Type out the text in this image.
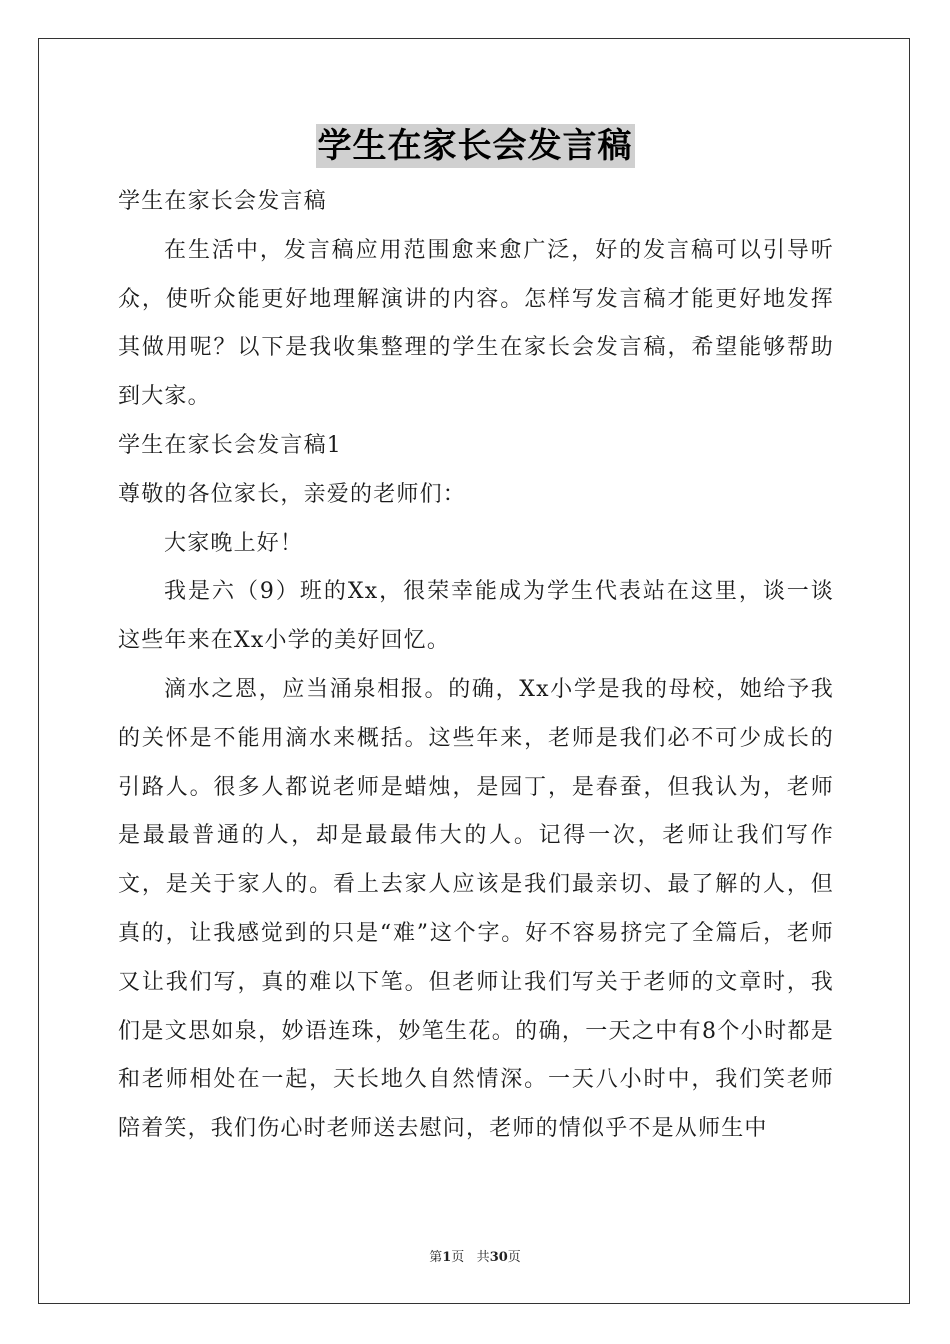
学生在家长会发言稿

学生在家长会发言稿

在生活中，发言稿应用范围愈来愈广泛，好的发言稿可以引导听众，使听众能更好地理解演讲的内容。怎样写发言稿才能更好地发挥其做用呢？以下是我收集整理的学生在家长会发言稿，希望能够帮助到大家。

学生在家长会发言稿1

尊敬的各位家长，亲爱的老师们：

大家晚上好！

我是六（9）班的Xx，很荣幸能成为学生代表站在这里，谈一谈这些年来在Xx小学的美好回忆。

滴水之恩，应当涌泉相报。的确，Xx小学是我的母校，她给予我的关怀是不能用滴水来概括。这些年来，老师是我们必不可少成长的引路人。很多人都说老师是蜡烛，是园丁，是春蚕，但我认为，老师是最最普通的人，却是最最伟大的人。记得一次，老师让我们写作文，是关于家人的。看上去家人应该是我们最亲切、最了解的人，但真的，让我感觉到的只是“难”这个字。好不容易挤完了全篇后，老师又让我们写，真的难以下笔。但老师让我们写关于老师的文章时，我们是文思如泉，妙语连珠，妙笔生花。的确，一天之中有8个小时都是和老师相处在一起，天长地久自然情深。一天八小时中，我们笑老师陪着笑，我们伤心时老师送去慰问，老师的情似乎不是从师生中

第1页 共30页
